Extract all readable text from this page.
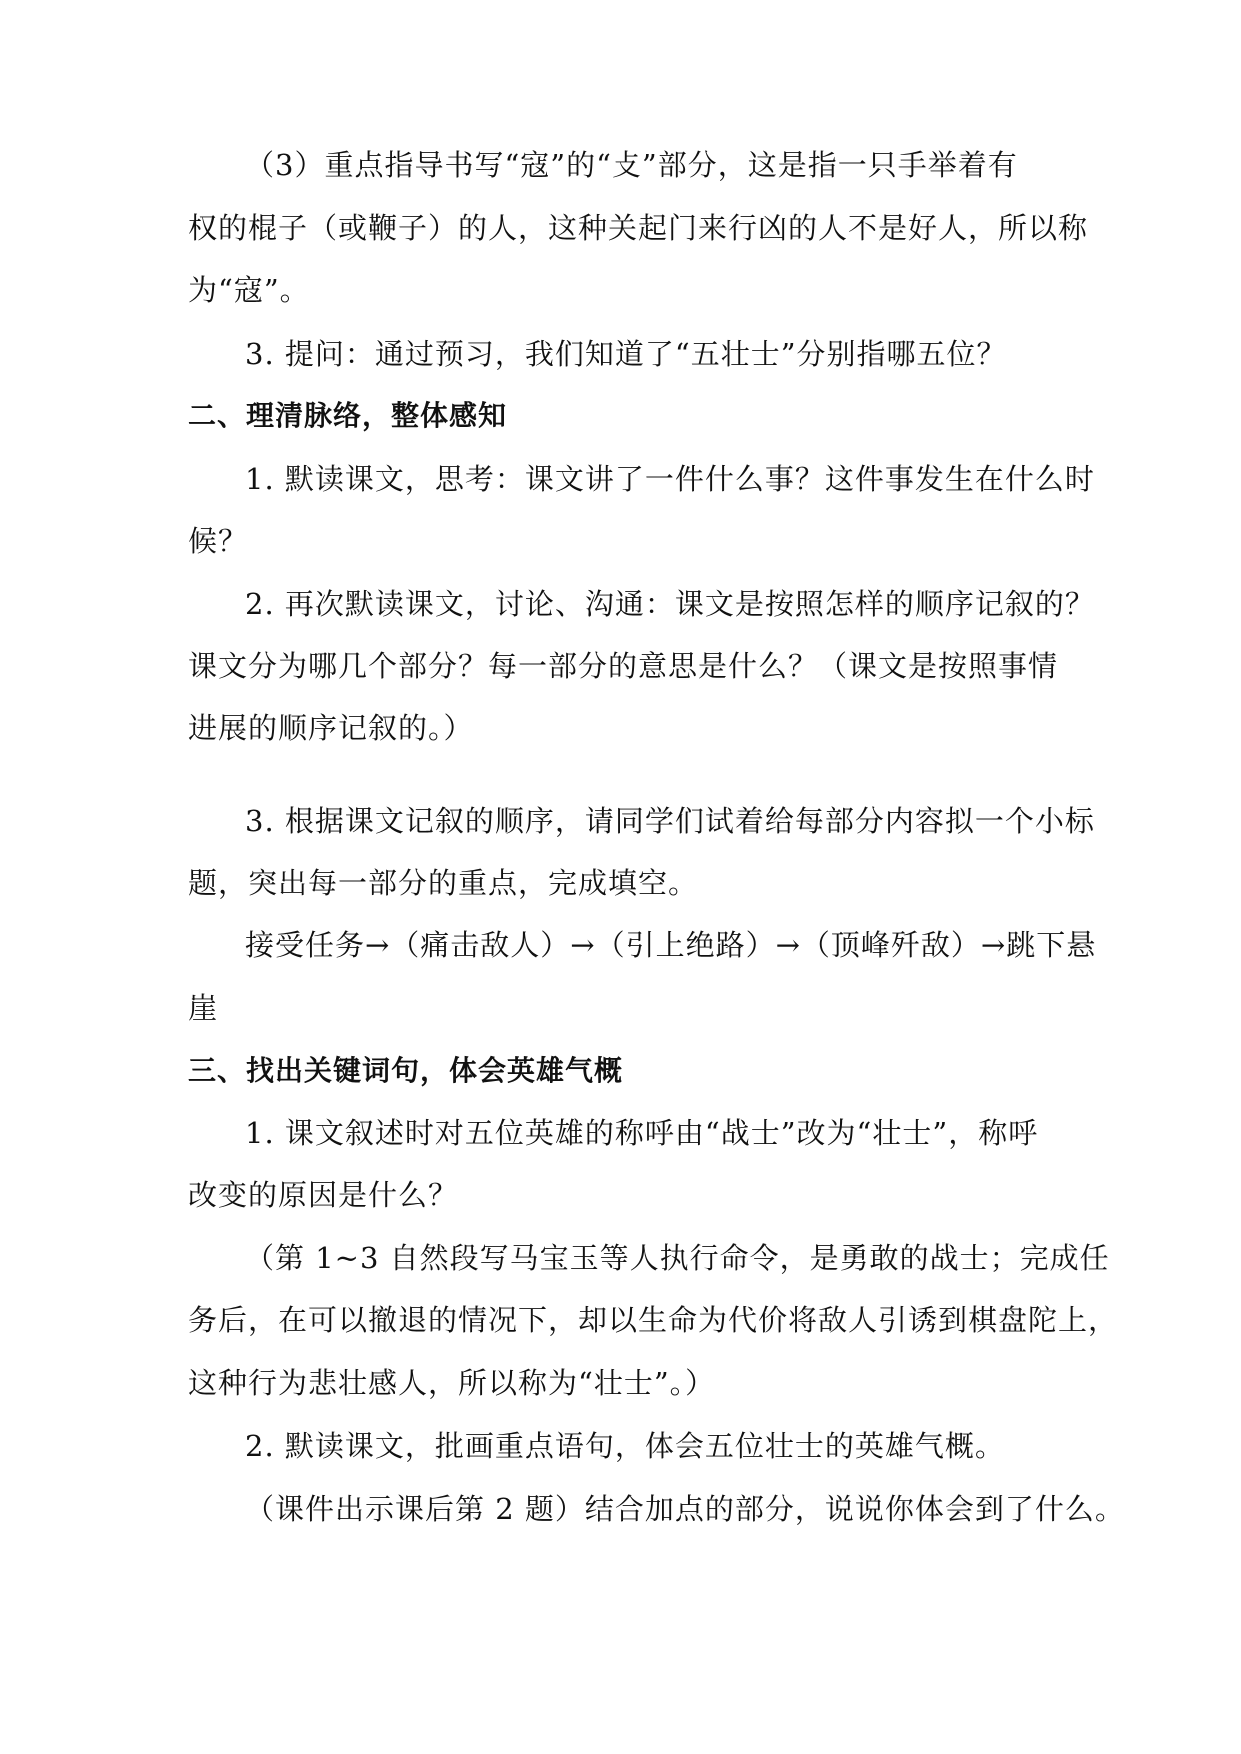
（3）重点指导书写“寇”的“攴”部分，这是指一只手举着有
权的棍子（或鞭子）的人，这种关起门来行凶的人不是好人，所以称
为“寇”。
3. 提问：通过预习，我们知道了“五壮士”分别指哪五位？
二、理清脉络，整体感知
1. 默读课文，思考：课文讲了一件什么事？这件事发生在什么时
候？
2. 再次默读课文，讨论、沟通：课文是按照怎样的顺序记叙的？
课文分为哪几个部分？每一部分的意思是什么？（课文是按照事情
进展的顺序记叙的。）
3. 根据课文记叙的顺序，请同学们试着给每部分内容拟一个小标
题，突出每一部分的重点，完成填空。
接受任务→（痛击敌人）→（引上绝路）→（顶峰歼敌）→跳下悬
崖
三、找出关键词句，体会英雄气概
1. 课文叙述时对五位英雄的称呼由“战士”改为“壮士”，称呼
改变的原因是什么？
（第 1~3 自然段写马宝玉等人执行命令，是勇敢的战士；完成任
务后，在可以撤退的情况下，却以生命为代价将敌人引诱到棋盘陀上，
这种行为悲壮感人，所以称为“壮士”。）
2. 默读课文，批画重点语句，体会五位壮士的英雄气概。
（课件出示课后第 2 题）结合加点的部分，说说你体会到了什么。
